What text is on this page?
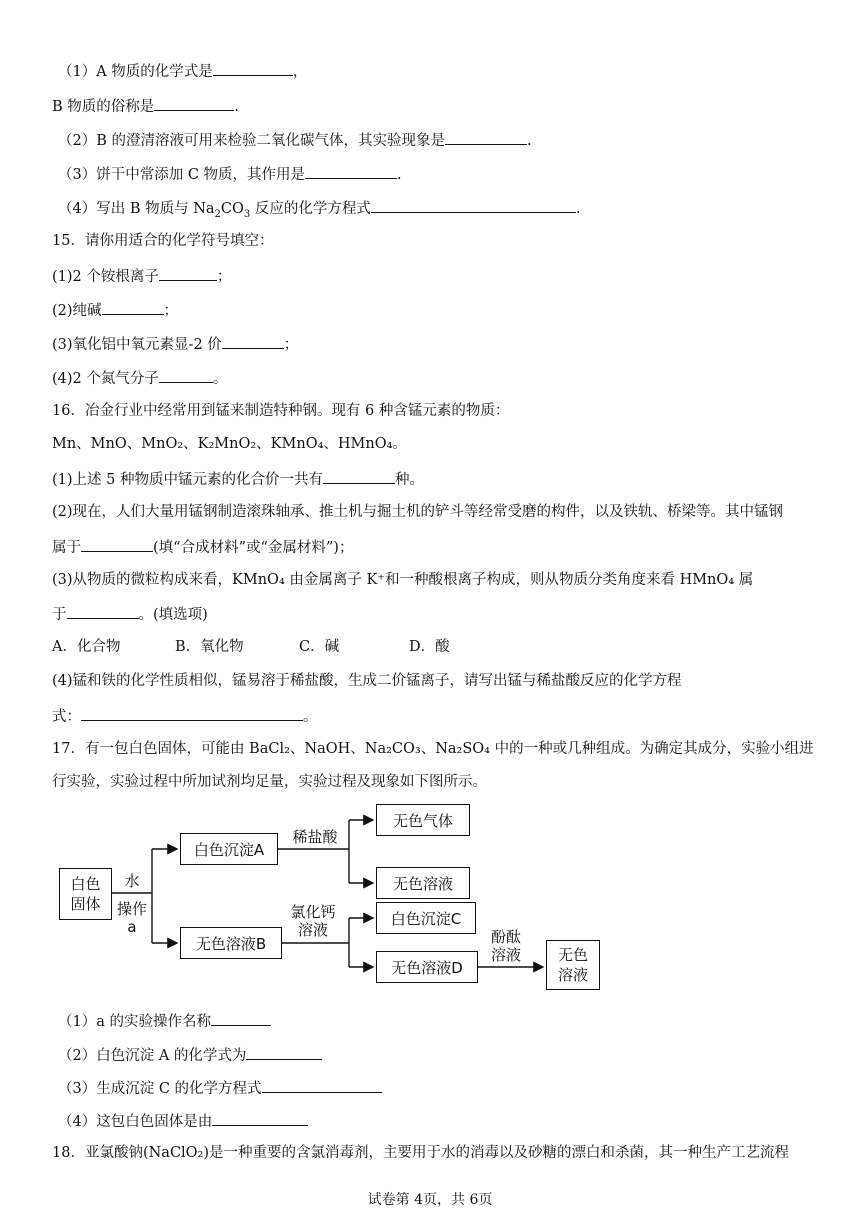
（1）A 物质的化学式是	，
B 物质的俗称是	.
（2）B 的澄清溶液可用来检验二氧化碳气体，其实验现象是	.
（3）饼干中常添加 C 物质，其作用是	.
（4）写出 B 物质与 $Na_2CO_3$ 反应的化学方程式	.
15．请你用适合的化学符号填空：
(1)2 个铵根离子	；
(2)纯碱	；
(3)氧化铝中氧元素显-2 价	；
(4)2 个氮气分子	。
16．冶金行业中经常用到锰来制造特种钢。现有 6 种含锰元素的物质：
Mn、MnO、MnO₂、K₂MnO₂、KMnO₄、HMnO₄。
(1)上述 5 种物质中锰元素的化合价一共有	种。
(2)现在，人们大量用锰钢制造滚珠轴承、推土机与掘土机的铲斗等经常受磨的构件，以及铁轨、桥梁等。其中锰钢
属于	(填“合成材料”或“金属材料”)；
(3)从物质的微粒构成来看，KMnO₄ 由金属离子 K⁺和一种酸根离子构成，则从物质分类角度来看 HMnO₄ 属
于	。(填选项)
A．化合物	B．氧化物	C．碱	D．酸
(4)锰和铁的化学性质相似，锰易溶于稀盐酸，生成二价锰离子，请写出锰与稀盐酸反应的化学方程
式：	。
17．有一包白色固体，可能由 BaCl₂、NaOH、Na₂CO₃、Na₂SO₄ 中的一种或几种组成。为确定其成分，实验小组进
行实验，实验过程中所加试剂均足量，实验过程及现象如下图所示。
白色
固体
水
操作
a
白色沉淀A
稀盐酸
无色气体
无色溶液
无色溶液B
氯化钙
溶液
白色沉淀C
无色溶液D
酚酞
溶液	无色
溶液
（1）a 的实验操作名称
（2）白色沉淀 A 的化学式为
（3）生成沉淀 C 的化学方程式
（4）这包白色固体是由
18．亚氯酸钠(NaClO₂)是一种重要的含氯消毒剂，主要用于水的消毒以及砂糖的漂白和杀菌，其一种生产工艺流程
试卷第 4页，共 6页
